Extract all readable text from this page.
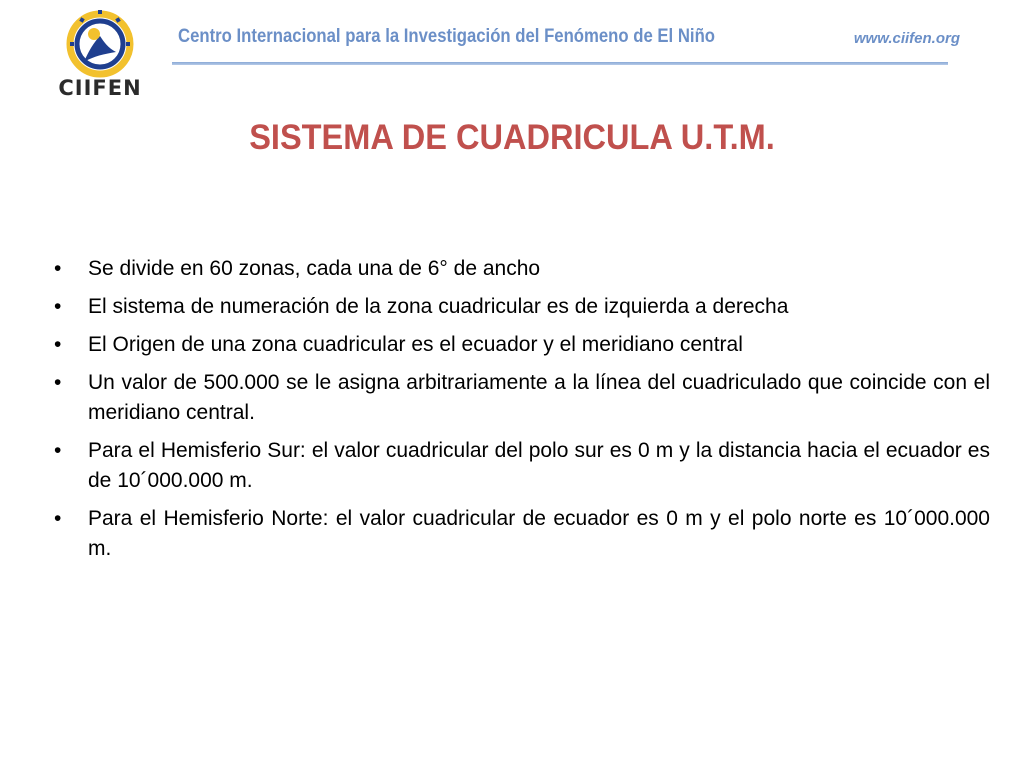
CIIFEN
Centro Internacional para la Investigación del Fenómeno de El Niño	www.ciifen.org
SISTEMA DE CUADRICULA U.T.M.
•	Se divide en 60 zonas, cada una de 6° de ancho
•	El sistema de numeración de la zona cuadricular es de izquierda a derecha
•	El Origen de una zona cuadricular es el ecuador y el meridiano central
•	Un valor de 500.000 se le asigna arbitrariamente a la línea del cuadriculado que coincide con el meridiano central.
•	Para el Hemisferio Sur: el valor cuadricular del polo sur es 0 m y la distancia hacia el ecuador es de 10´000.000 m.
•	Para el Hemisferio Norte: el valor cuadricular de ecuador es 0 m y el polo norte es 10´000.000 m.
